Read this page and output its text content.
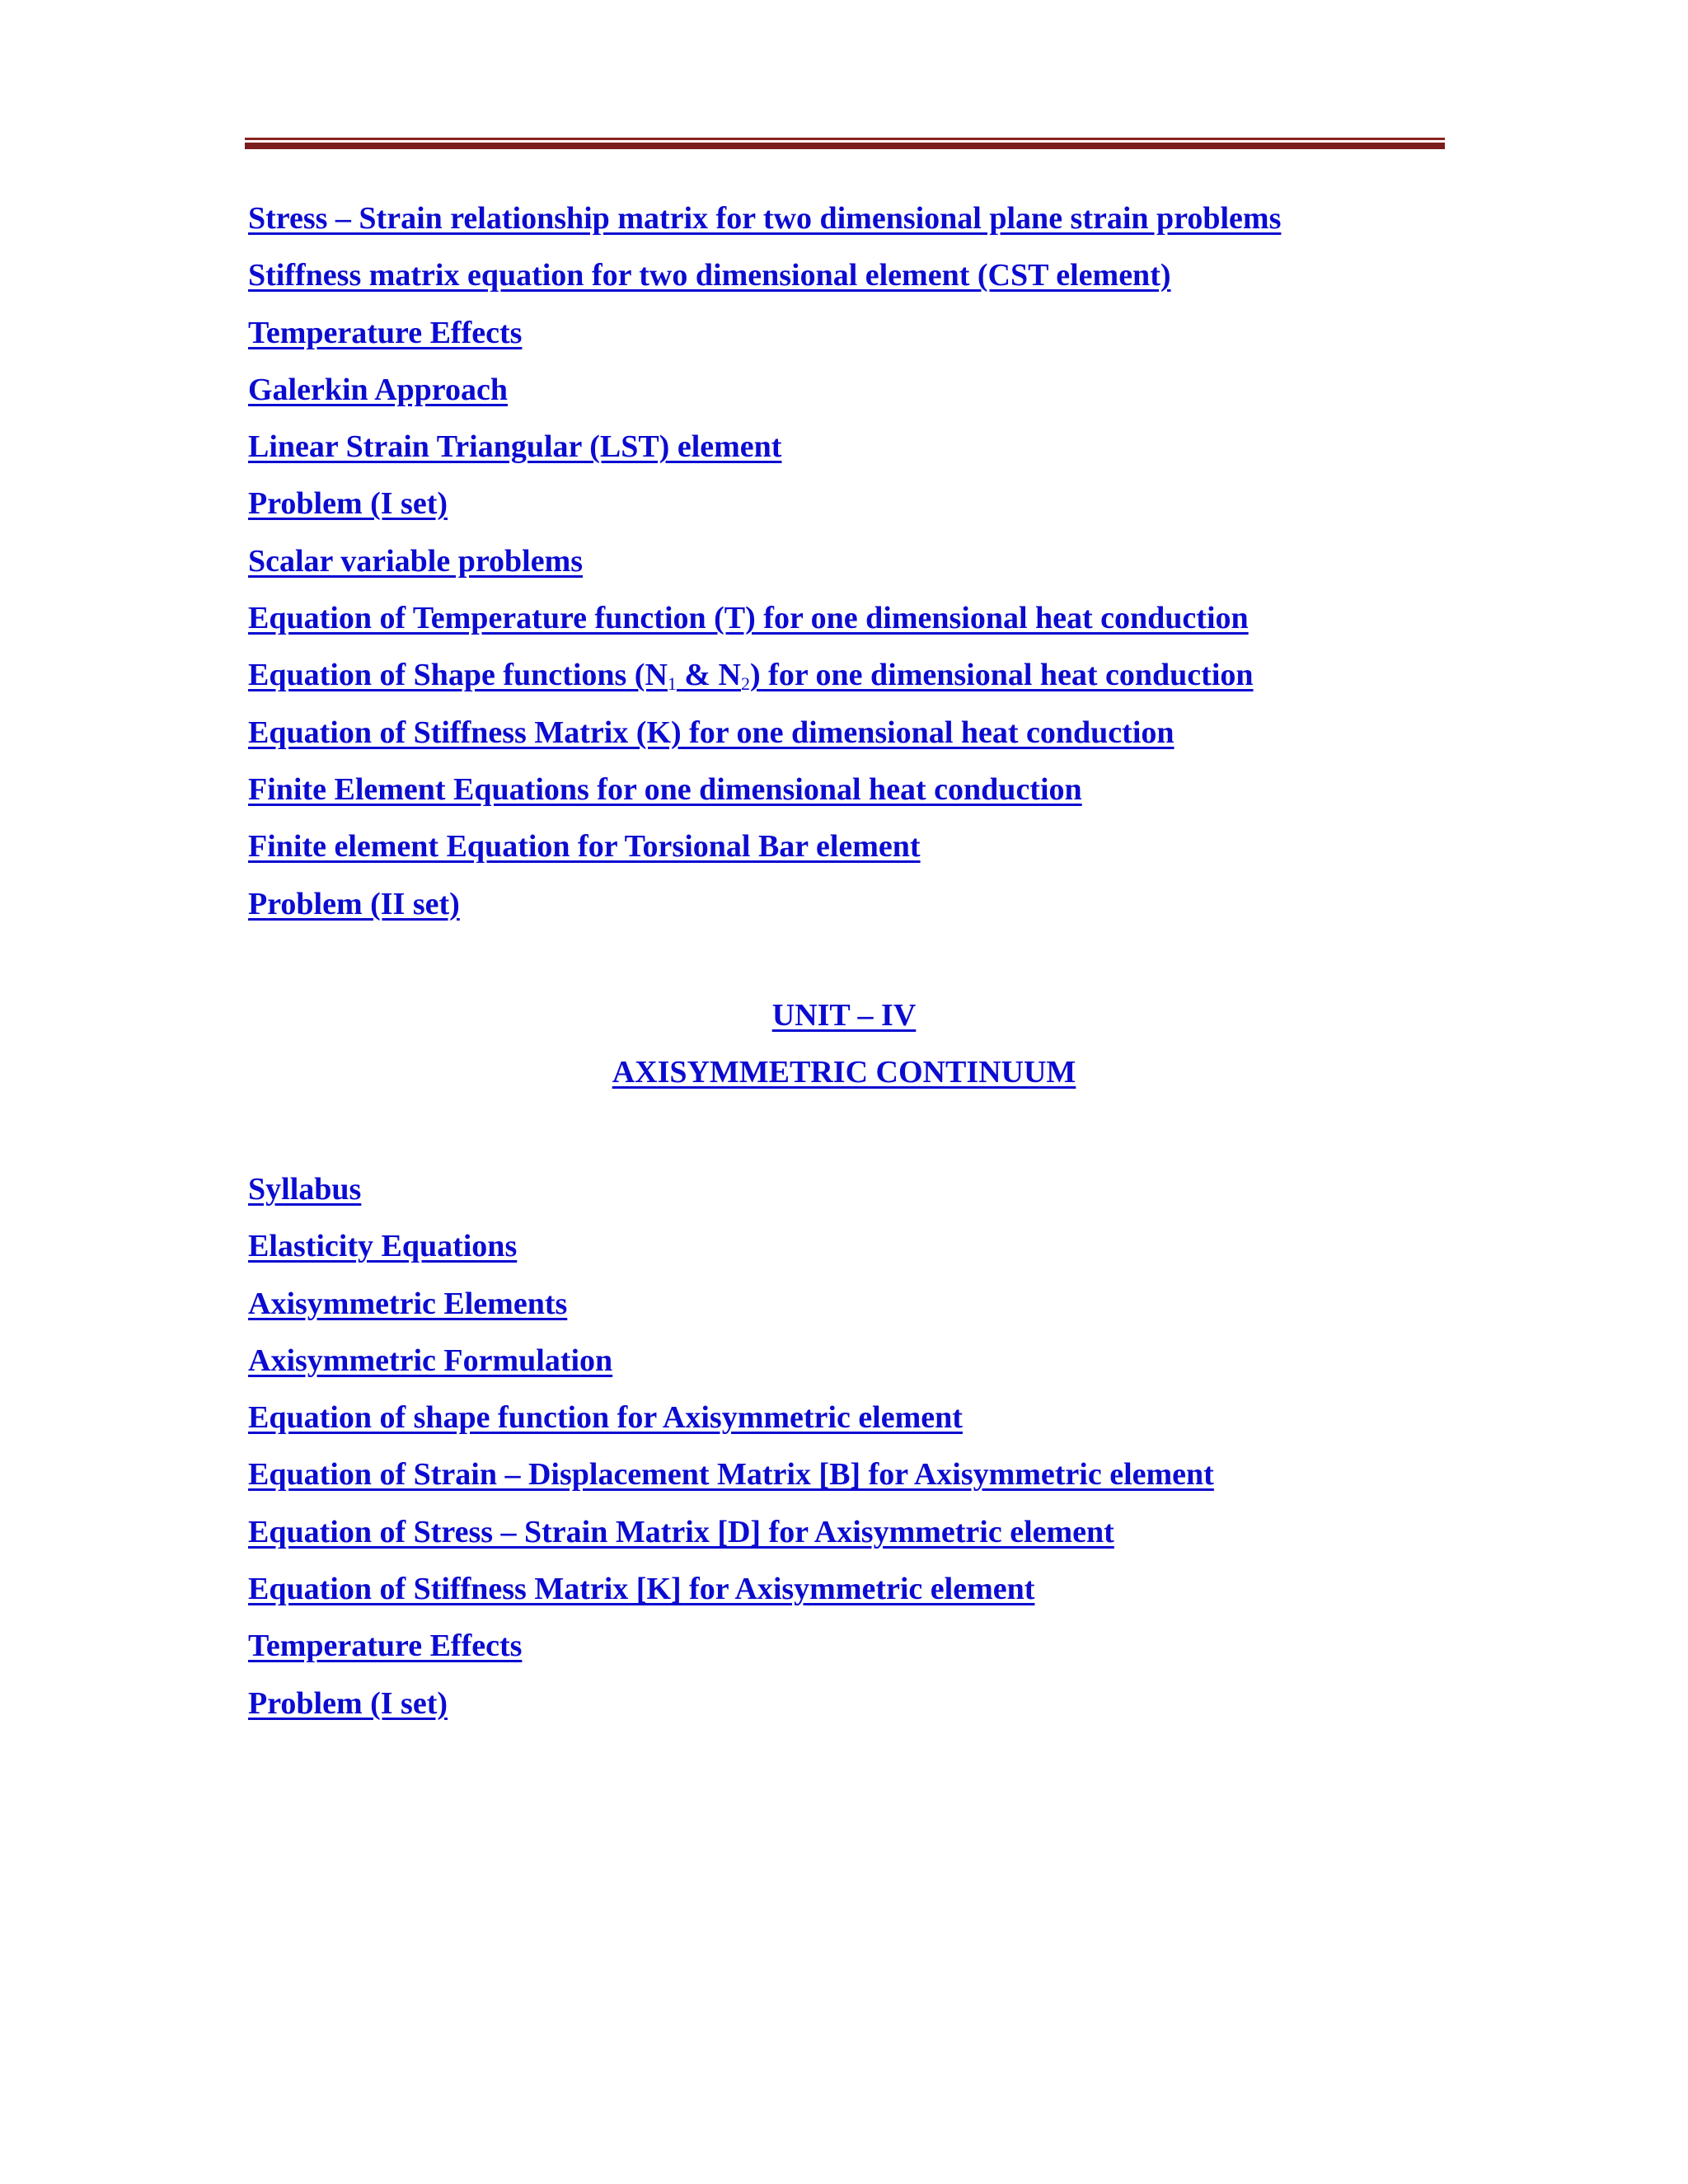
Stress – Strain relationship matrix for two dimensional plane strain problems
Stiffness matrix equation for two dimensional element (CST element)
Temperature Effects
Galerkin Approach
Linear Strain Triangular (LST) element
Problem (I set)
Scalar variable problems
Equation of Temperature function (T) for one dimensional heat conduction
Equation of Shape functions ($N_1$ & $N_2$) for one dimensional heat conduction
Equation of Stiffness Matrix (K) for one dimensional heat conduction
Finite Element Equations for one dimensional heat conduction
Finite element Equation for Torsional Bar element
Problem (II set)
UNIT – IV
AXISYMMETRIC CONTINUUM
Syllabus
Elasticity Equations
Axisymmetric Elements
Axisymmetric Formulation
Equation of shape function for Axisymmetric element
Equation of Strain – Displacement Matrix [B] for Axisymmetric element
Equation of Stress – Strain Matrix [D] for Axisymmetric element
Equation of Stiffness Matrix [K] for Axisymmetric element
Temperature Effects
Problem (I set)
